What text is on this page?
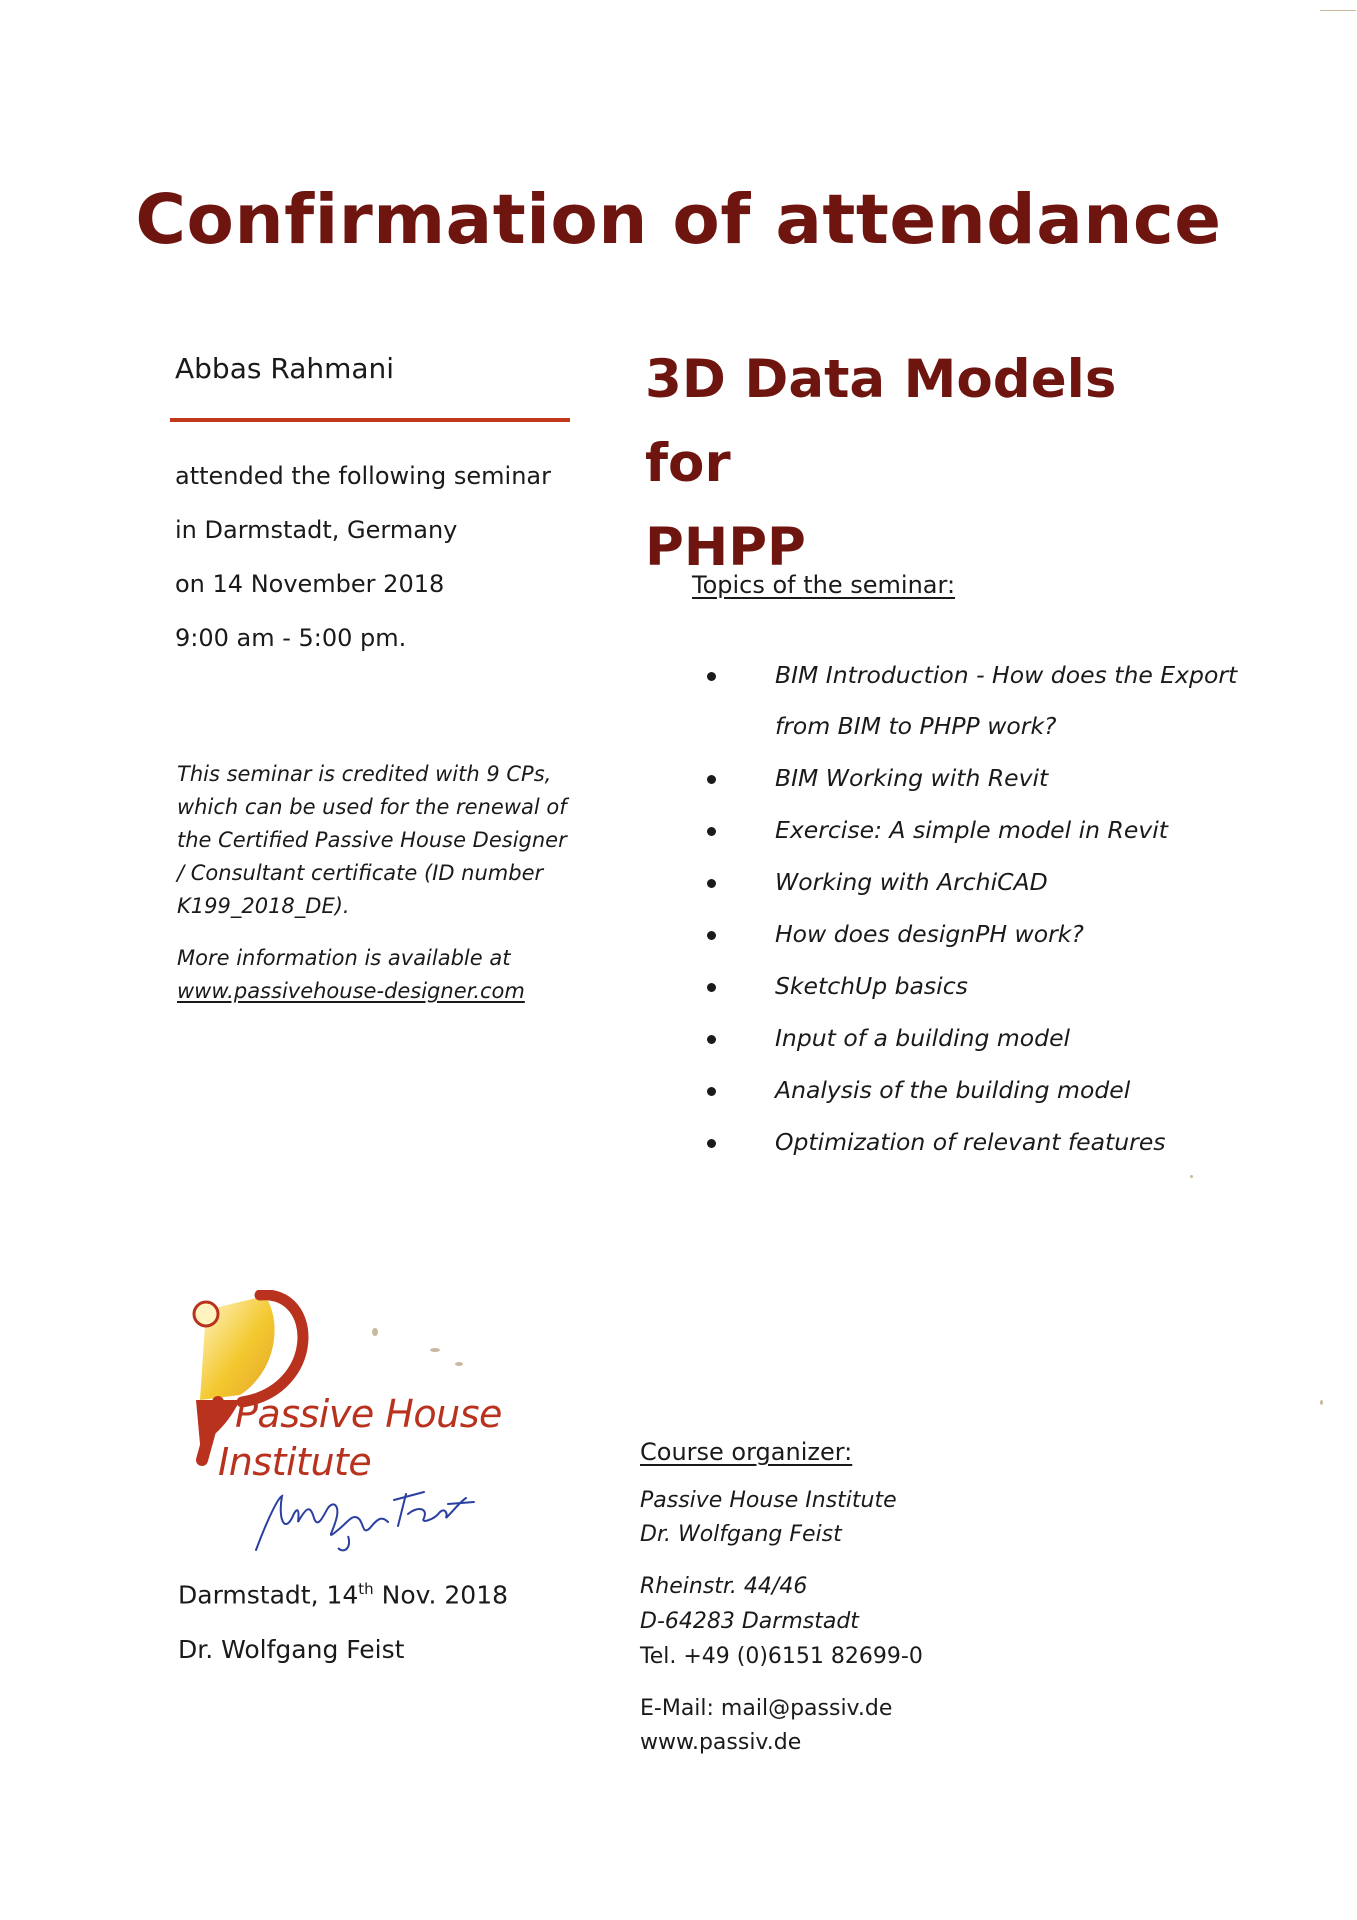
Confirmation of attendance
Abbas Rahmani
attended the following seminar
in Darmstadt, Germany
on 14 November 2018
9:00 am - 5:00 pm.
3D Data Models for
PHPP
Topics of the seminar:
BIM Introduction - How does the Export
from BIM to PHPP work?
BIM Working with Revit
Exercise: A simple model in Revit
Working with ArchiCAD
How does designPH work?
SketchUp basics
Input of a building model
Analysis of the building model
Optimization of relevant features
This seminar is credited with 9 CPs,
which can be used for the renewal of
the Certified Passive House Designer
/ Consultant certificate (ID number
K199_2018_DE).
More information is available at
www.passivehouse-designer.com
Passive House
Institute
Darmstadt, 14th Nov. 2018
Dr. Wolfgang Feist
Course organizer:
Passive House Institute
Dr. Wolfgang Feist
Rheinstr. 44/46
D-64283 Darmstadt
Tel. +49 (0)6151 82699-0
E-Mail: mail@passiv.de
www.passiv.de
